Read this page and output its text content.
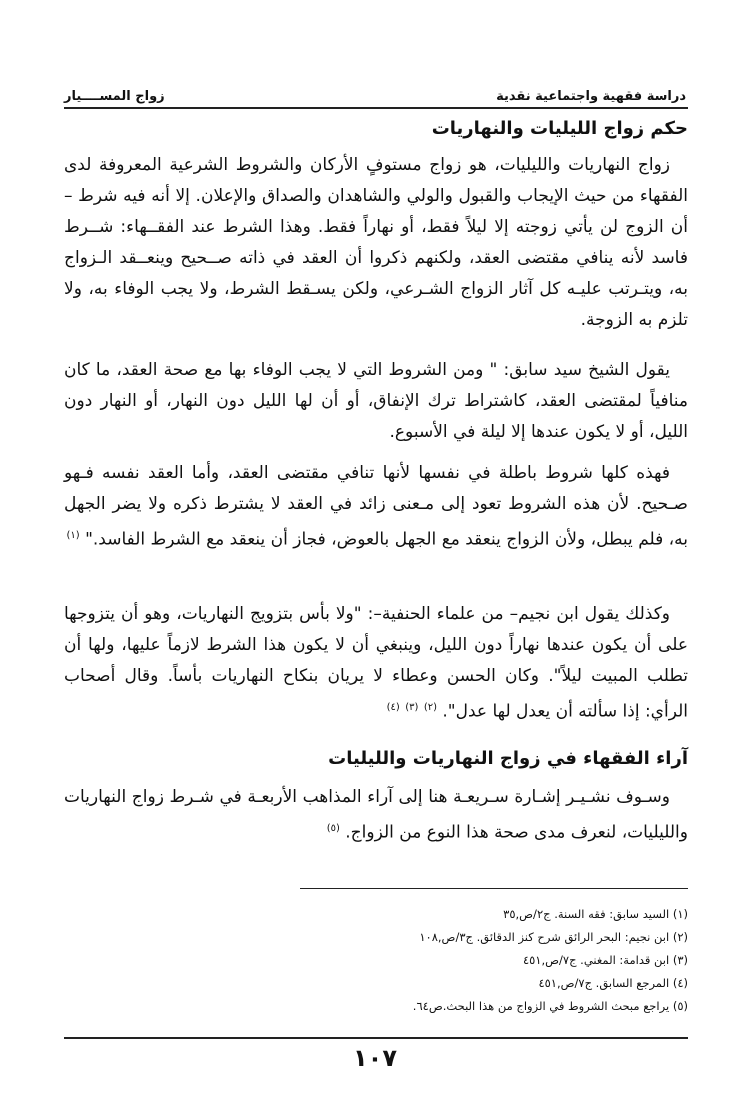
دراسة فقهية واجتماعية نقدية
زواج المســــيار
حكم زواج الليليات والنهاريات

زواج النهاريات والليليات، هو زواج مستوفٍ الأركان والشروط الشرعية المعروفة لدى الفقهاء من حيث الإيجاب والقبول والولي والشاهدان والصداق والإعلان. إلا أنه فيه شرط – أن الزوج لن يأتي زوجته إلا ليلاً فقط، أو نهاراً فقط. وهذا الشرط عند الفقــهاء: شــرط فاسد لأنه ينافي مقتضى العقد، ولكنهم ذكروا أن العقد في ذاته صــحيح وينعــقد الـزواج به، ويتـرتب عليـه كل آثار الزواج الشـرعي، ولكن يسـقط الشرط، ولا يجب الوفاء به، ولا تلزم به الزوجة.

يقول الشيخ سيد سابق: " ومن الشروط التي لا يجب الوفاء بها مع صحة العقد، ما كان منافياً لمقتضى العقد، كاشتراط ترك الإنفاق، أو أن لها الليل دون النهار، أو النهار دون الليل، أو لا يكون عندها إلا ليلة في الأسبوع.

فهذه كلها شروط باطلة في نفسها لأنها تنافي مقتضى العقد، وأما العقد نفسه فـهو صـحيح. لأن هذه الشروط تعود إلى مـعنى زائد في العقد لا يشترط ذكره ولا يضر الجهل به، فلم يبطل، ولأن الزواج ينعقد مع الجهل بالعوض، فجاز أن ينعقد مع الشرط الفاسد." $^{(١)}$

وكذلك يقول ابن نجيم– من علماء الحنفية–: "ولا بأس بتزويج النهاريات، وهو أن يتزوجها على أن يكون عندها نهاراً دون الليل، وينبغي أن لا يكون هذا الشرط لازماً عليها، ولها أن تطلب المبيت ليلاً". وكان الحسن وعطاء لا يريان بنكاح النهاريات بأساً. وقال أصحاب الرأي: إذا سألته أن يعدل لها عدل". $^{(٢)}$ $^{(٣)}$ $^{(٤)}$

آراء الفقهاء في زواج النهاريات والليليات

وسـوف نشـيـر إشـارة سـريعـة هنا إلى آراء المذاهب الأربعـة في شـرط زواج النهاريات والليليات، لنعرف مدى صحة هذا النوع من الزواج. $^{(٥)}$

(١) السيد سابق: فقه السنة. ج٢/ص,٣٥
(٢) ابن نجيم: البحر الرائق شرح كنز الدقائق. ج٣/ص,١٠٨
(٣) ابن قدامة: المغني. ج٧/ص,٤٥١
(٤) المرجع السابق. ج٧/ص,٤٥١
(٥) يراجع مبحث الشروط في الزواج من هذا البحث.ص٦٤.
١٠٧
